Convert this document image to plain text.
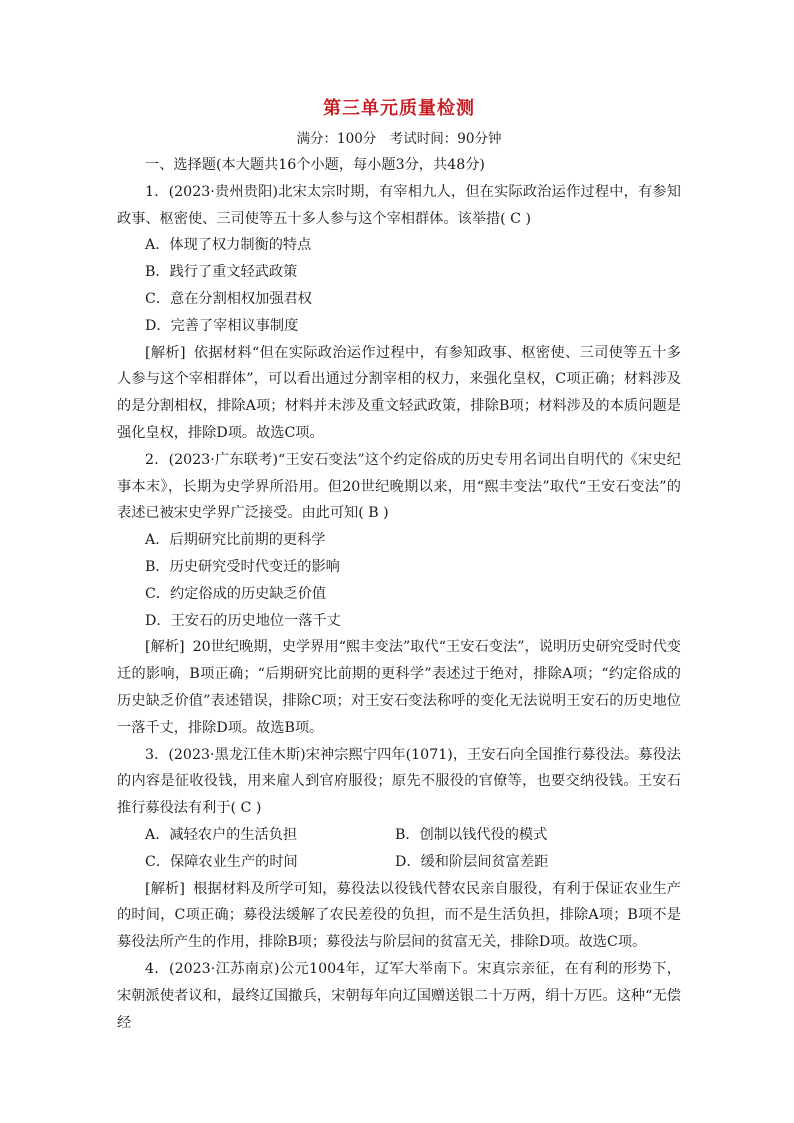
第三单元质量检测
满分：100分　考试时间：90分钟
一、选择题(本大题共16个小题，每小题3分，共48分)

1．(2023·贵州贵阳)北宋太宗时期，有宰相九人，但在实际政治运作过程中，有参知政事、枢密使、三司使等五十多人参与这个宰相群体。该举措( C )

A．体现了权力制衡的特点

B．践行了重文轻武政策

C．意在分割相权加强君权

D．完善了宰相议事制度

[解析] 依据材料“但在实际政治运作过程中，有参知政事、枢密使、三司使等五十多人参与这个宰相群体”，可以看出通过分割宰相的权力，来强化皇权，C项正确；材料涉及的是分割相权，排除A项；材料并未涉及重文轻武政策，排除B项；材料涉及的本质问题是强化皇权，排除D项。故选C项。

2．(2023·广东联考)“王安石变法”这个约定俗成的历史专用名词出自明代的《宋史纪事本末》，长期为史学界所沿用。但20世纪晚期以来，用“熙丰变法”取代“王安石变法”的表述已被宋史学界广泛接受。由此可知( B )

A．后期研究比前期的更科学

B．历史研究受时代变迁的影响

C．约定俗成的历史缺乏价值

D．王安石的历史地位一落千丈

[解析] 20世纪晚期，史学界用“熙丰变法”取代“王安石变法”，说明历史研究受时代变迁的影响，B项正确；“后期研究比前期的更科学”表述过于绝对，排除A项；“约定俗成的历史缺乏价值”表述错误，排除C项；对王安石变法称呼的变化无法说明王安石的历史地位一落千丈，排除D项。故选B项。

3．(2023·黑龙江佳木斯)宋神宗熙宁四年(1071)，王安石向全国推行募役法。募役法的内容是征收役钱，用来雇人到官府服役；原先不服役的官僚等，也要交纳役钱。王安石推行募役法有利于( C )

A．减轻农户的生活负担	B．创制以钱代役的模式
C．保障农业生产的时间	D．缓和阶层间贫富差距

[解析] 根据材料及所学可知，募役法以役钱代替农民亲自服役，有利于保证农业生产的时间，C项正确；募役法缓解了农民差役的负担，而不是生活负担，排除A项；B项不是募役法所产生的作用，排除B项；募役法与阶层间的贫富无关，排除D项。故选C项。

4．(2023·江苏南京)公元1004年，辽军大举南下。宋真宗亲征，在有利的形势下，宋朝派使者议和，最终辽国撤兵，宋朝每年向辽国赠送银二十万两，绢十万匹。这种“无偿经
